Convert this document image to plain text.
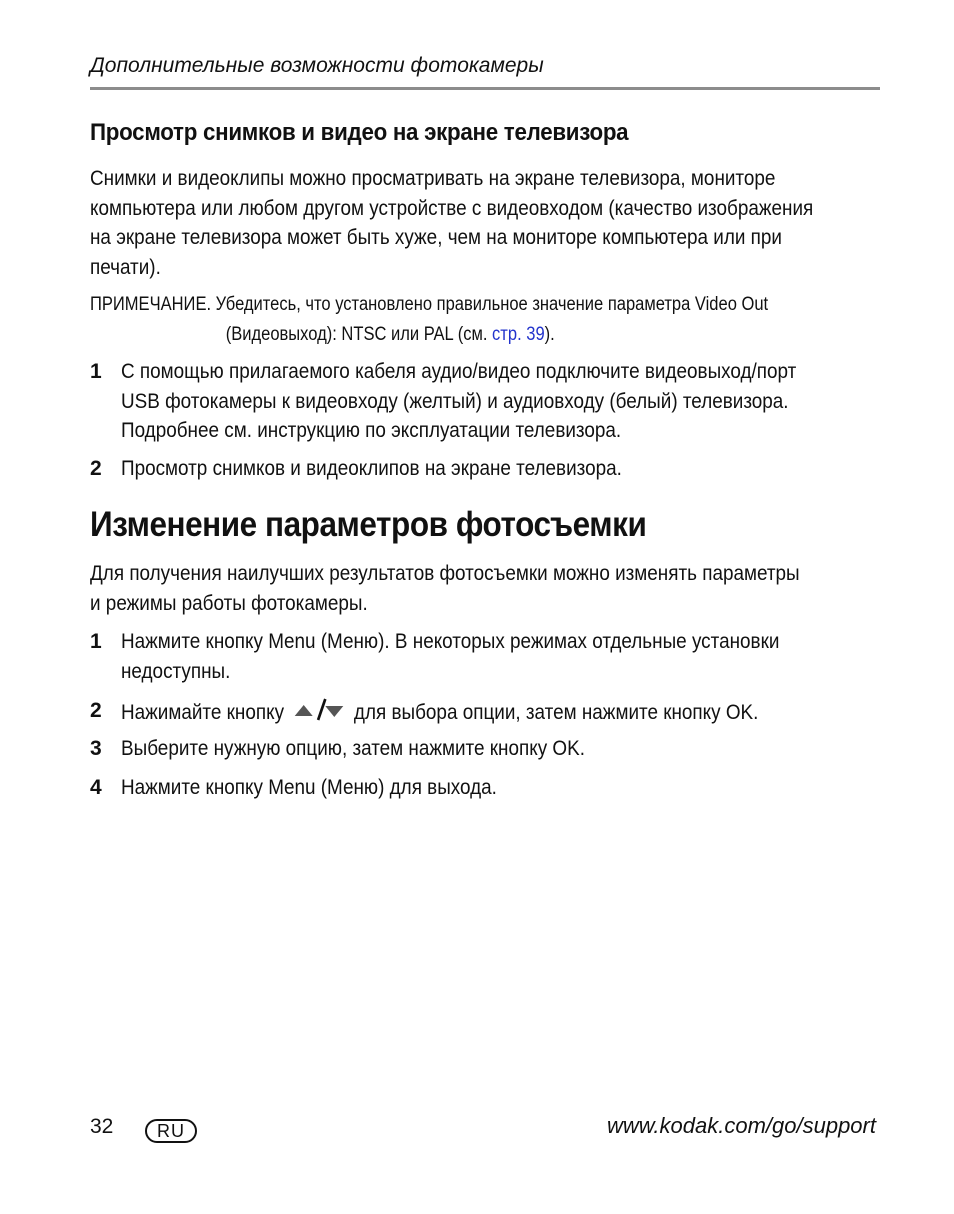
Дополнительные возможности фотокамеры
Просмотр снимков и видео на экране телевизора
Снимки и видеоклипы можно просматривать на экране телевизора, мониторе
компьютера или любом другом устройстве с видеовходом (качество изображения
на экране телевизора может быть хуже, чем на мониторе компьютера или при
печати).
ПРИМЕЧАНИЕ. Убедитесь, что установлено правильное значение параметра Video Out
(Видеовыход): NTSC или PAL (см. стр. 39).
1 С помощью прилагаемого кабеля аудио/видео подключите видеовыход/порт
USB фотокамеры к видеовходу (желтый) и аудиовходу (белый) телевизора.
Подробнее см. инструкцию по эксплуатации телевизора.
2 Просмотр снимков и видеоклипов на экране телевизора.
Изменение параметров фотосъемки
Для получения наилучших результатов фотосъемки можно изменять параметры
и режимы работы фотокамеры.
1 Нажмите кнопку Menu (Меню). В некоторых режимах отдельные установки
недоступны.
2 Нажимайте кнопку	для выбора опции, затем нажмите кнопку OK.
3 Выберите нужную опцию, затем нажмите кнопку OK.
4 Нажмите кнопку Menu (Меню) для выхода.
32	RU	www.kodak.com/go/support
